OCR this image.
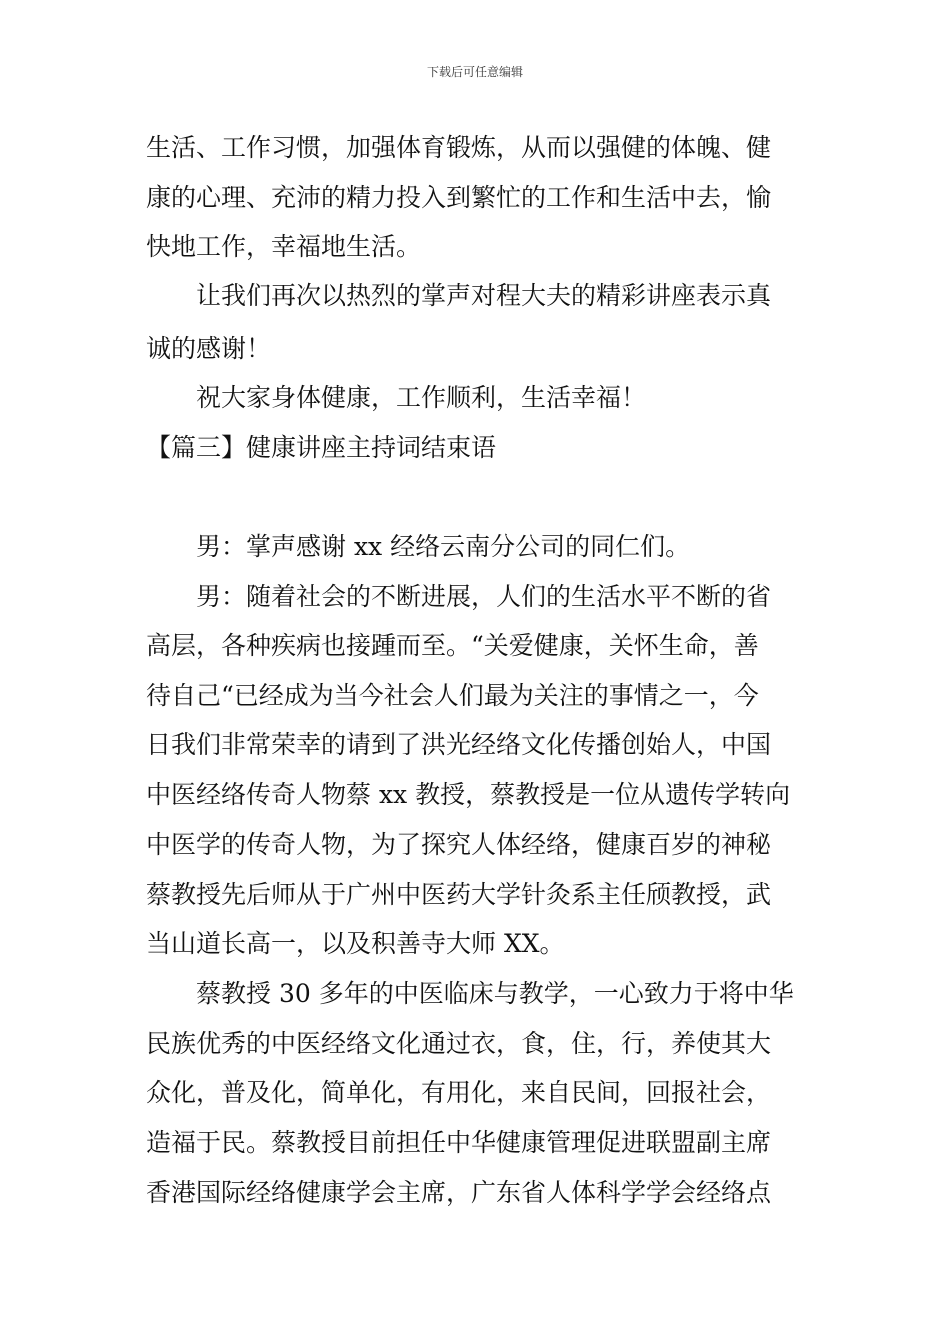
下载后可任意编辑
生活、工作习惯，加强体育锻炼，从而以强健的体魄、健
康的心理、充沛的精力投入到繁忙的工作和生活中去，愉
快地工作，幸福地生活。
让我们再次以热烈的掌声对程大夫的精彩讲座表示真
诚的感谢！
祝大家身体健康，工作顺利，生活幸福！
【篇三】健康讲座主持词结束语
男：掌声感谢 xx 经络云南分公司的同仁们。
男：随着社会的不断进展，人们的生活水平不断的省
高层，各种疾病也接踵而至。“关爱健康，关怀生命，善
待自己“已经成为当今社会人们最为关注的事情之一，今
日我们非常荣幸的请到了洪光经络文化传播创始人，中国
中医经络传奇人物蔡 xx 教授，蔡教授是一位从遗传学转向
中医学的传奇人物，为了探究人体经络，健康百岁的神秘
蔡教授先后师从于广州中医药大学针灸系主任颀教授，武
当山道长高一，以及积善寺大师 XX。
蔡教授 30 多年的中医临床与教学，一心致力于将中华
民族优秀的中医经络文化通过衣，食，住，行，养使其大
众化，普及化，简单化，有用化，来自民间，回报社会，
造福于民。蔡教授目前担任中华健康管理促进联盟副主席
香港国际经络健康学会主席，广东省人体科学学会经络点
